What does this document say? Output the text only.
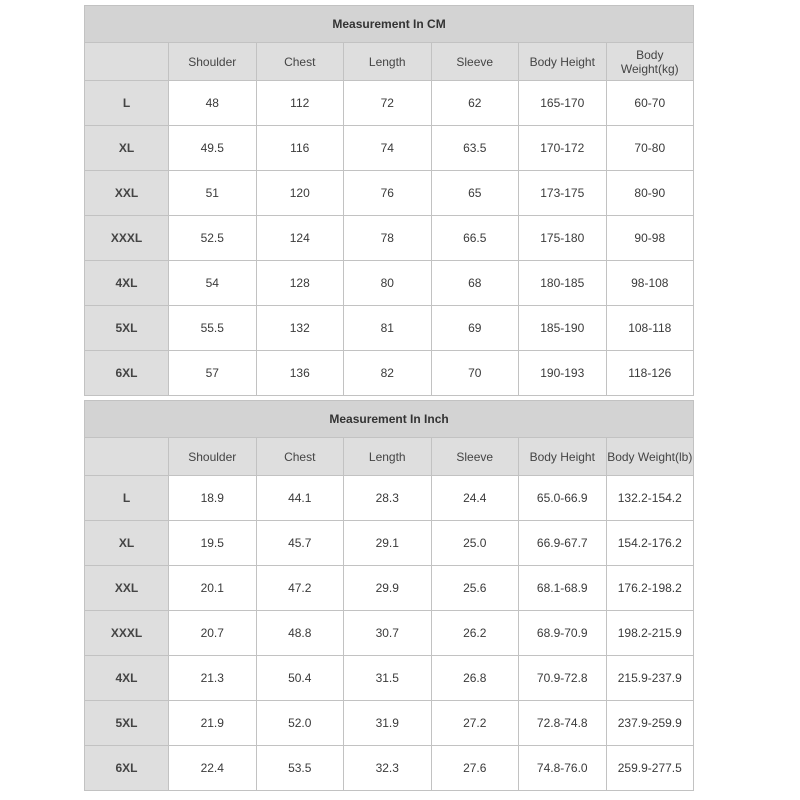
Measurement In CM						
	Shoulder	Chest	Length	Sleeve	Body Height	Body Weight(kg)
L	48	112	72	62	165-170	60-70
XL	49.5	116	74	63.5	170-172	70-80
XXL	51	120	76	65	173-175	80-90
XXXL	52.5	124	78	66.5	175-180	90-98
4XL	54	128	80	68	180-185	98-108
5XL	55.5	132	81	69	185-190	108-118
6XL	57	136	82	70	190-193	118-126
Measurement In Inch						
	Shoulder	Chest	Length	Sleeve	Body Height	Body Weight(lb)
L	18.9	44.1	28.3	24.4	65.0-66.9	132.2-154.2
XL	19.5	45.7	29.1	25.0	66.9-67.7	154.2-176.2
XXL	20.1	47.2	29.9	25.6	68.1-68.9	176.2-198.2
XXXL	20.7	48.8	30.7	26.2	68.9-70.9	198.2-215.9
4XL	21.3	50.4	31.5	26.8	70.9-72.8	215.9-237.9
5XL	21.9	52.0	31.9	27.2	72.8-74.8	237.9-259.9
6XL	22.4	53.5	32.3	27.6	74.8-76.0	259.9-277.5
